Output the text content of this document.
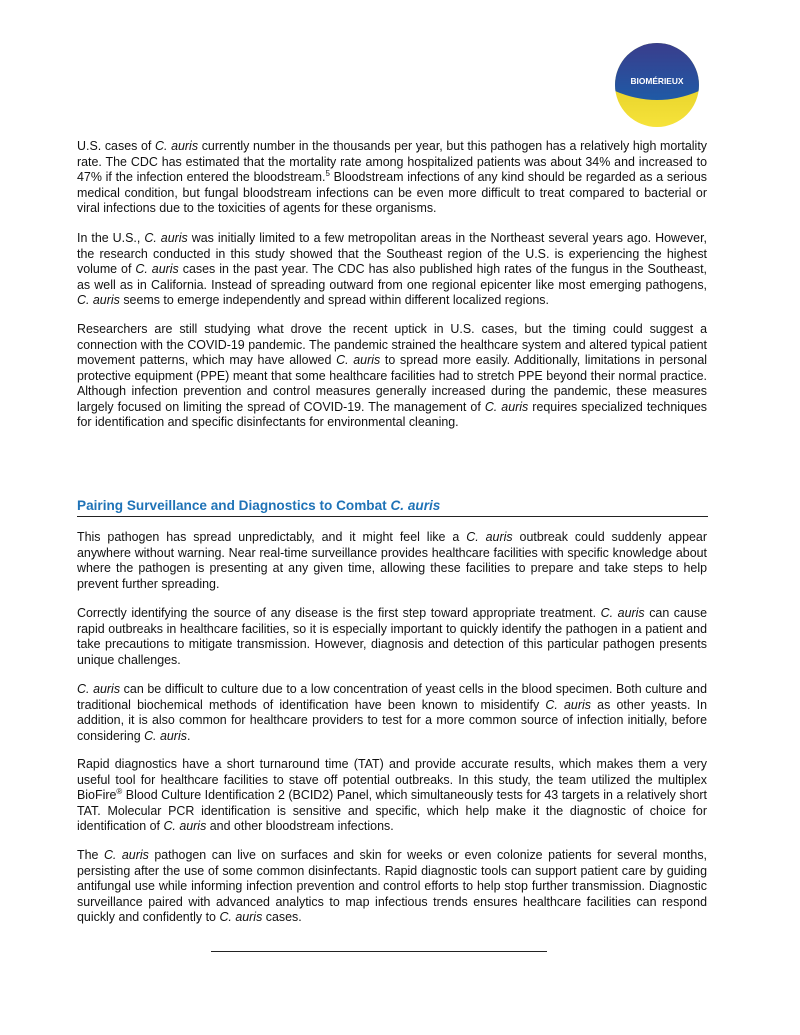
BIOMÉRIEUX

U.S. cases of C. auris currently number in the thousands per year, but this pathogen has a relatively high mortality rate. The CDC has estimated that the mortality rate among hospitalized patients was about 34% and increased to 47% if the infection entered the bloodstream.$^5$ Bloodstream infections of any kind should be regarded as a serious medical condition, but fungal bloodstream infections can be even more difficult to treat compared to bacterial or viral infections due to the toxicities of agents for these organisms.

In the U.S., C. auris was initially limited to a few metropolitan areas in the Northeast several years ago. However, the research conducted in this study showed that the Southeast region of the U.S. is experiencing the highest volume of C. auris cases in the past year. The CDC has also published high rates of the fungus in the Southeast, as well as in California. Instead of spreading outward from one regional epicenter like most emerging pathogens, C. auris seems to emerge independently and spread within different localized regions.

Researchers are still studying what drove the recent uptick in U.S. cases, but the timing could suggest a connection with the COVID-19 pandemic. The pandemic strained the healthcare system and altered typical patient movement patterns, which may have allowed C. auris to spread more easily. Additionally, limitations in personal protective equipment (PPE) meant that some healthcare facilities had to stretch PPE beyond their normal practice. Although infection prevention and control measures generally increased during the pandemic, these measures largely focused on limiting the spread of COVID-19. The management of C. auris requires specialized techniques for identification and specific disinfectants for environmental cleaning.

Pairing Surveillance and Diagnostics to Combat C. auris

This pathogen has spread unpredictably, and it might feel like a C. auris outbreak could suddenly appear anywhere without warning. Near real-time surveillance provides healthcare facilities with specific knowledge about where the pathogen is presenting at any given time, allowing these facilities to prepare and take steps to help prevent further spreading.

Correctly identifying the source of any disease is the first step toward appropriate treatment. C. auris can cause rapid outbreaks in healthcare facilities, so it is especially important to quickly identify the pathogen in a patient and take precautions to mitigate transmission. However, diagnosis and detection of this particular pathogen presents unique challenges.

C. auris can be difficult to culture due to a low concentration of yeast cells in the blood specimen. Both culture and traditional biochemical methods of identification have been known to misidentify C. auris as other yeasts. In addition, it is also common for healthcare providers to test for a more common source of infection initially, before considering C. auris.

Rapid diagnostics have a short turnaround time (TAT) and provide accurate results, which makes them a very useful tool for healthcare facilities to stave off potential outbreaks. In this study, the team utilized the multiplex BioFire® Blood Culture Identification 2 (BCID2) Panel, which simultaneously tests for 43 targets in a relatively short TAT. Molecular PCR identification is sensitive and specific, which help make it the diagnostic of choice for identification of C. auris and other bloodstream infections.

The C. auris pathogen can live on surfaces and skin for weeks or even colonize patients for several months, persisting after the use of some common disinfectants. Rapid diagnostic tools can support patient care by guiding antifungal use while informing infection prevention and control efforts to help stop further transmission. Diagnostic surveillance paired with advanced analytics to map infectious trends ensures healthcare facilities can respond quickly and confidently to C. auris cases.
